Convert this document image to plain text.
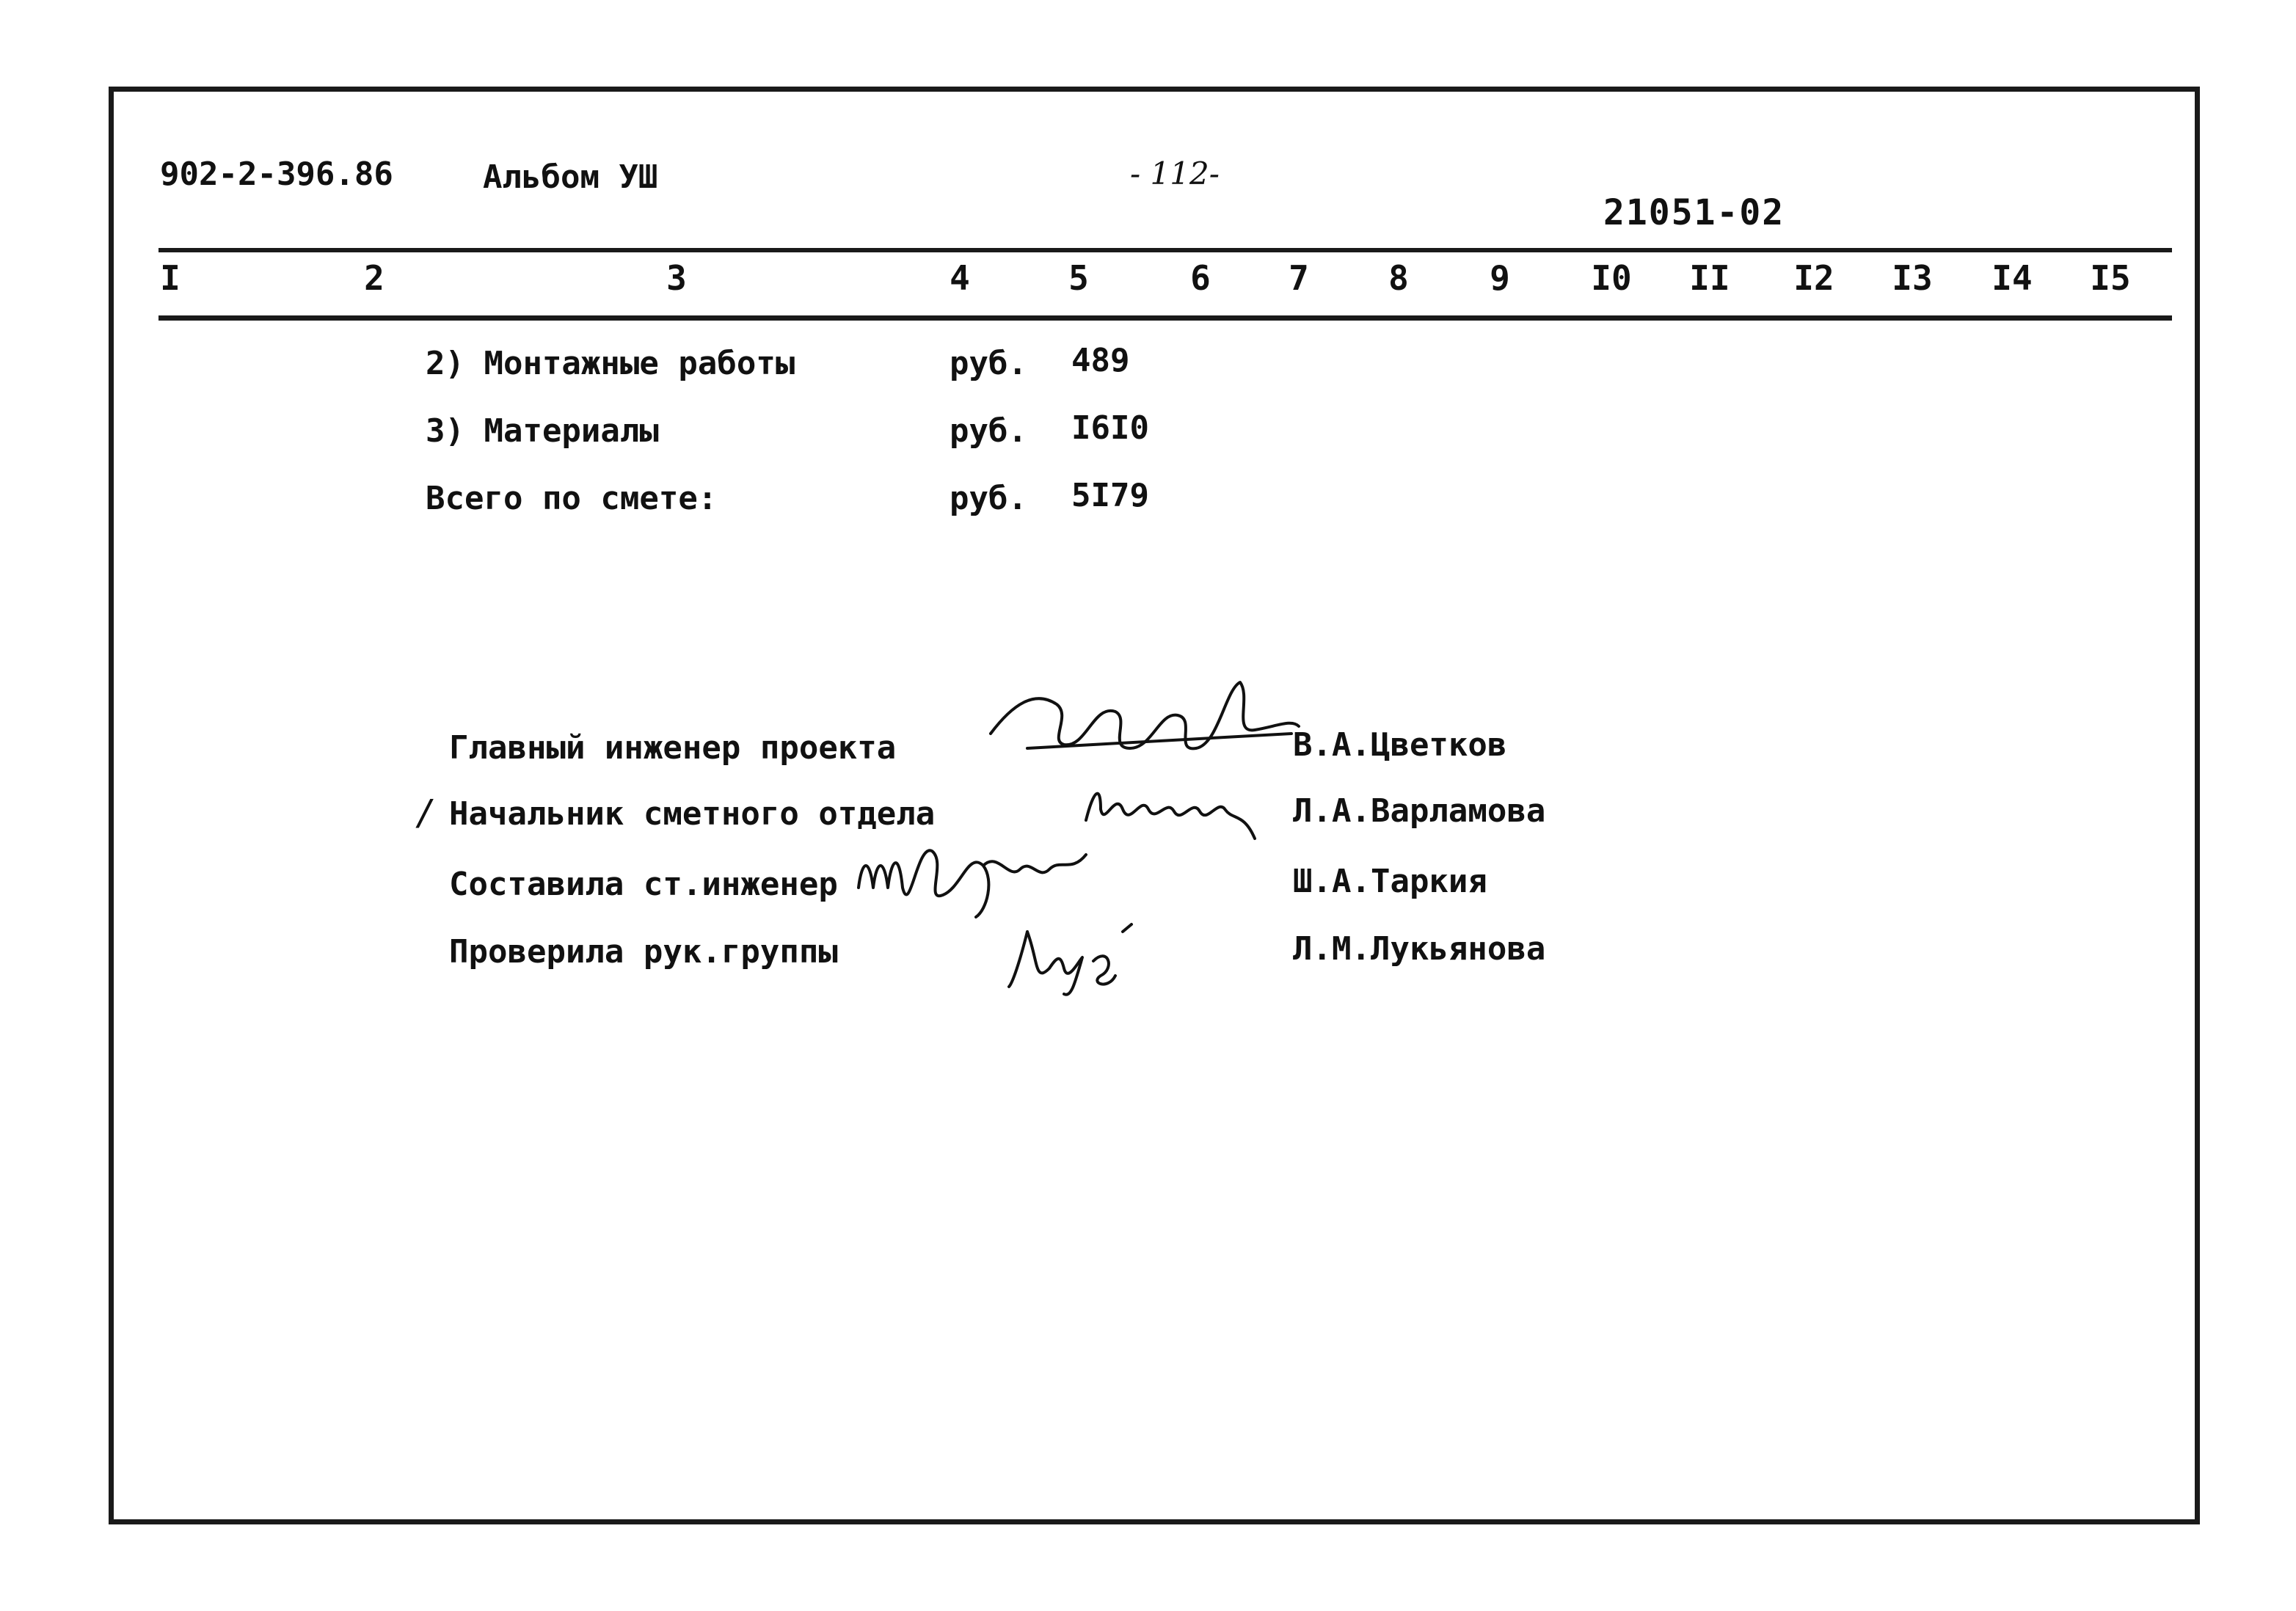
902-2-396.86	Альбом УШ	- 112-
21051-02
I	2	3	4	5	6 7 8 9 I0 II I2 I3 I4 I5
2) Монтажные работы	руб. 489
3) Материалы	руб. I6I0
Всего по смете:	руб. 5I79
/
Главный инженер проекта	В.А.Цветков
Начальник сметного отдела	Л.А.Варламова
Составила ст.инженер	Ш.А.Таркия
Проверила рук.группы	Л.М.Лукьянова
